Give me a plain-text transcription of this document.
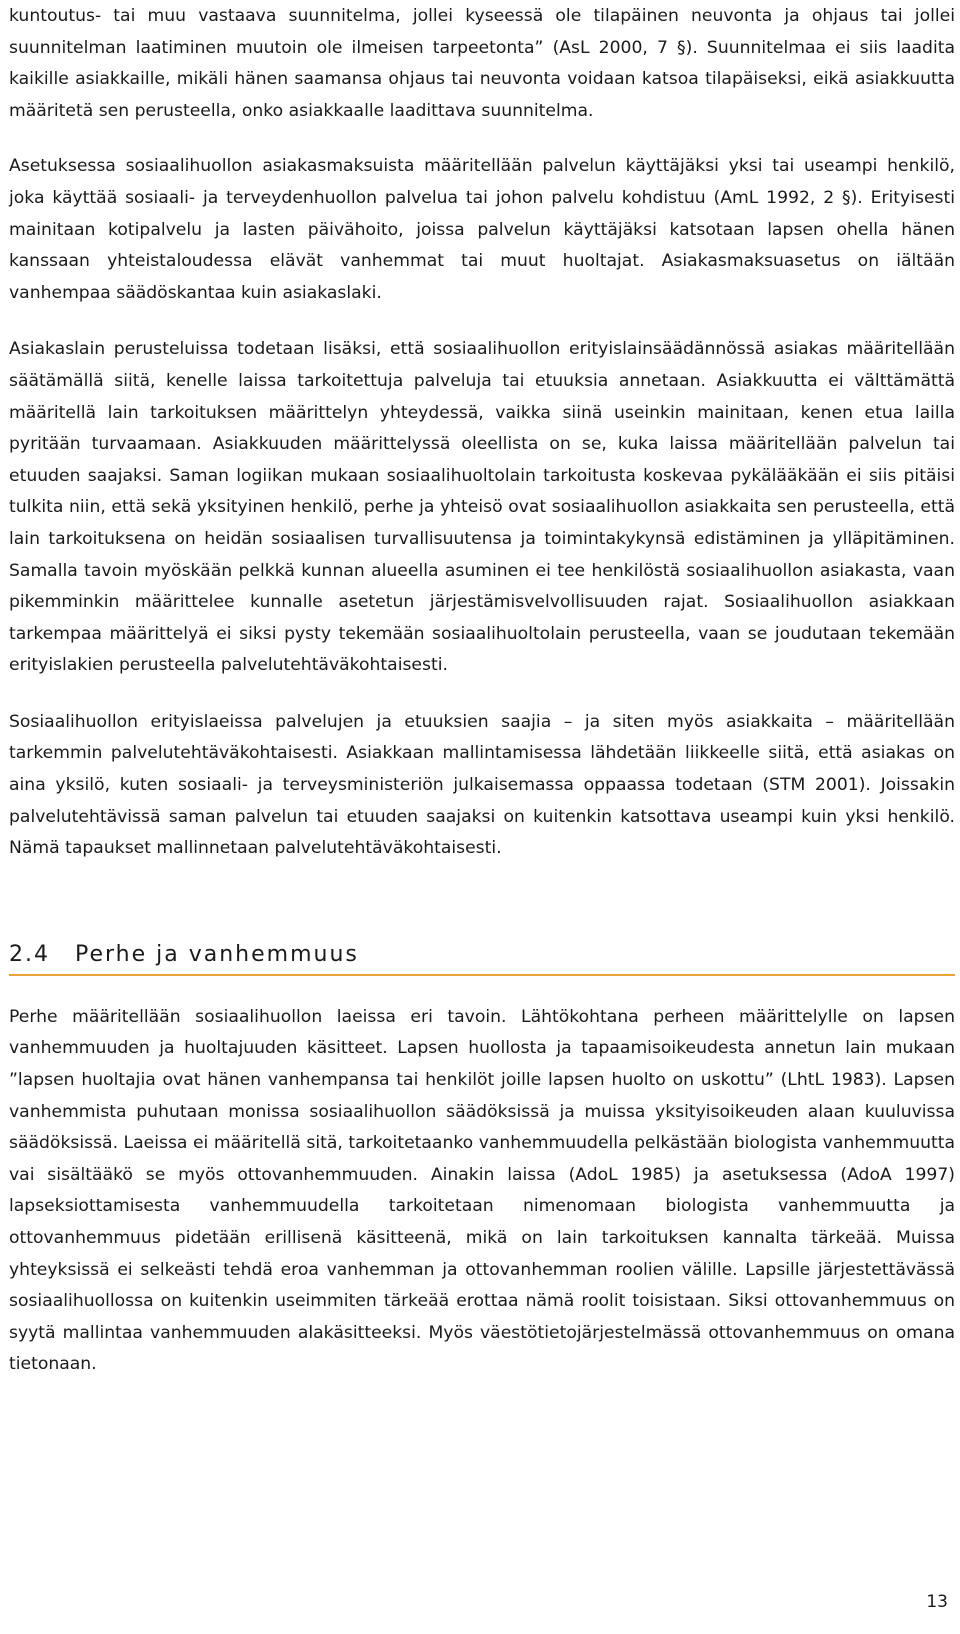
kuntoutus- tai muu vastaava suunnitelma, jollei kyseessä ole tilapäinen neuvonta ja ohjaus tai jollei suunnitelman laatiminen muutoin ole ilmeisen tarpeetonta” (AsL 2000, 7 §). Suunnitelmaa ei siis laadita kaikille asiakkaille, mikäli hänen saamansa ohjaus tai neuvonta voidaan katsoa tilapäiseksi, eikä asiakkuutta määritetä sen perusteella, onko asiakkaalle laadittava suunnitelma.

Asetuksessa sosiaalihuollon asiakasmaksuista määritellään palvelun käyttäjäksi yksi tai useampi henkilö, joka käyttää sosiaali- ja terveydenhuollon palvelua tai johon palvelu kohdistuu (AmL 1992, 2 §). Erityisesti mainitaan kotipalvelu ja lasten päivähoito, joissa palvelun käyttäjäksi katsotaan lapsen ohella hänen kanssaan yhteistaloudessa elävät vanhemmat tai muut huoltajat. Asiakasmaksuasetus on iältään vanhempaa säädöskantaa kuin asiakaslaki.

Asiakaslain perusteluissa todetaan lisäksi, että sosiaalihuollon erityislainsäädännössä asiakas määritellään säätämällä siitä, kenelle laissa tarkoitettuja palveluja tai etuuksia annetaan. Asiakkuutta ei välttämättä määritellä lain tarkoituksen määrittelyn yhteydessä, vaikka siinä useinkin mainitaan, kenen etua lailla pyritään turvaamaan. Asiakkuuden määrittelyssä oleellista on se, kuka laissa määritellään palvelun tai etuuden saajaksi. Saman logiikan mukaan sosiaalihuoltolain tarkoitusta koskevaa pykälääkään ei siis pitäisi tulkita niin, että sekä yksityinen henkilö, perhe ja yhteisö ovat sosiaalihuollon asiakkaita sen perusteella, että lain tarkoituksena on heidän sosiaalisen turvallisuutensa ja toimintakykynsä edistäminen ja ylläpitäminen. Samalla tavoin myöskään pelkkä kunnan alueella asuminen ei tee henkilöstä sosiaalihuollon asiakasta, vaan pikemminkin määrittelee kunnalle asetetun järjestämisvelvollisuuden rajat. Sosiaalihuollon asiakkaan tarkempaa määrittelyä ei siksi pysty tekemään sosiaalihuoltolain perusteella, vaan se joudutaan tekemään erityislakien perusteella palvelutehtäväkohtaisesti.

Sosiaalihuollon erityislaeissa palvelujen ja etuuksien saajia – ja siten myös asiakkaita – määritellään tarkemmin palvelutehtäväkohtaisesti. Asiakkaan mallintamisessa lähdetään liikkeelle siitä, että asiakas on aina yksilö, kuten sosiaali- ja terveysministeriön julkaisemassa oppaassa todetaan (STM 2001). Joissakin palvelutehtävissä saman palvelun tai etuuden saajaksi on kuitenkin katsottava useampi kuin yksi henkilö. Nämä tapaukset mallinnetaan palvelutehtäväkohtaisesti.

2.4	Perhe ja vanhemmuus

Perhe määritellään sosiaalihuollon laeissa eri tavoin. Lähtökohtana perheen määrittelylle on lapsen vanhemmuuden ja huoltajuuden käsitteet. Lapsen huollosta ja tapaamisoikeudesta annetun lain mukaan ”lapsen huoltajia ovat hänen vanhempansa tai henkilöt joille lapsen huolto on uskottu” (LhtL 1983). Lapsen vanhemmista puhutaan monissa sosiaalihuollon säädöksissä ja muissa yksityisoikeuden alaan kuuluvissa säädöksissä. Laeissa ei määritellä sitä, tarkoitetaanko vanhemmuudella pelkästään biologista vanhemmuutta vai sisältääkö se myös ottovanhemmuuden. Ainakin laissa (AdoL 1985) ja asetuksessa (AdoA 1997) lapseksiottamisesta vanhemmuudella tarkoitetaan nimenomaan biologista vanhemmuutta ja ottovanhemmuus pidetään erillisenä käsitteenä, mikä on lain tarkoituksen kannalta tärkeää. Muissa yhteyksissä ei selkeästi tehdä eroa vanhemman ja ottovanhemman roolien välille. Lapsille järjestettävässä sosiaalihuollossa on kuitenkin useimmiten tärkeää erottaa nämä roolit toisistaan. Siksi ottovanhemmuus on syytä mallintaa vanhemmuuden alakäsitteeksi. Myös väestötietojärjestelmässä ottovanhemmuus on omana tietonaan.

13
